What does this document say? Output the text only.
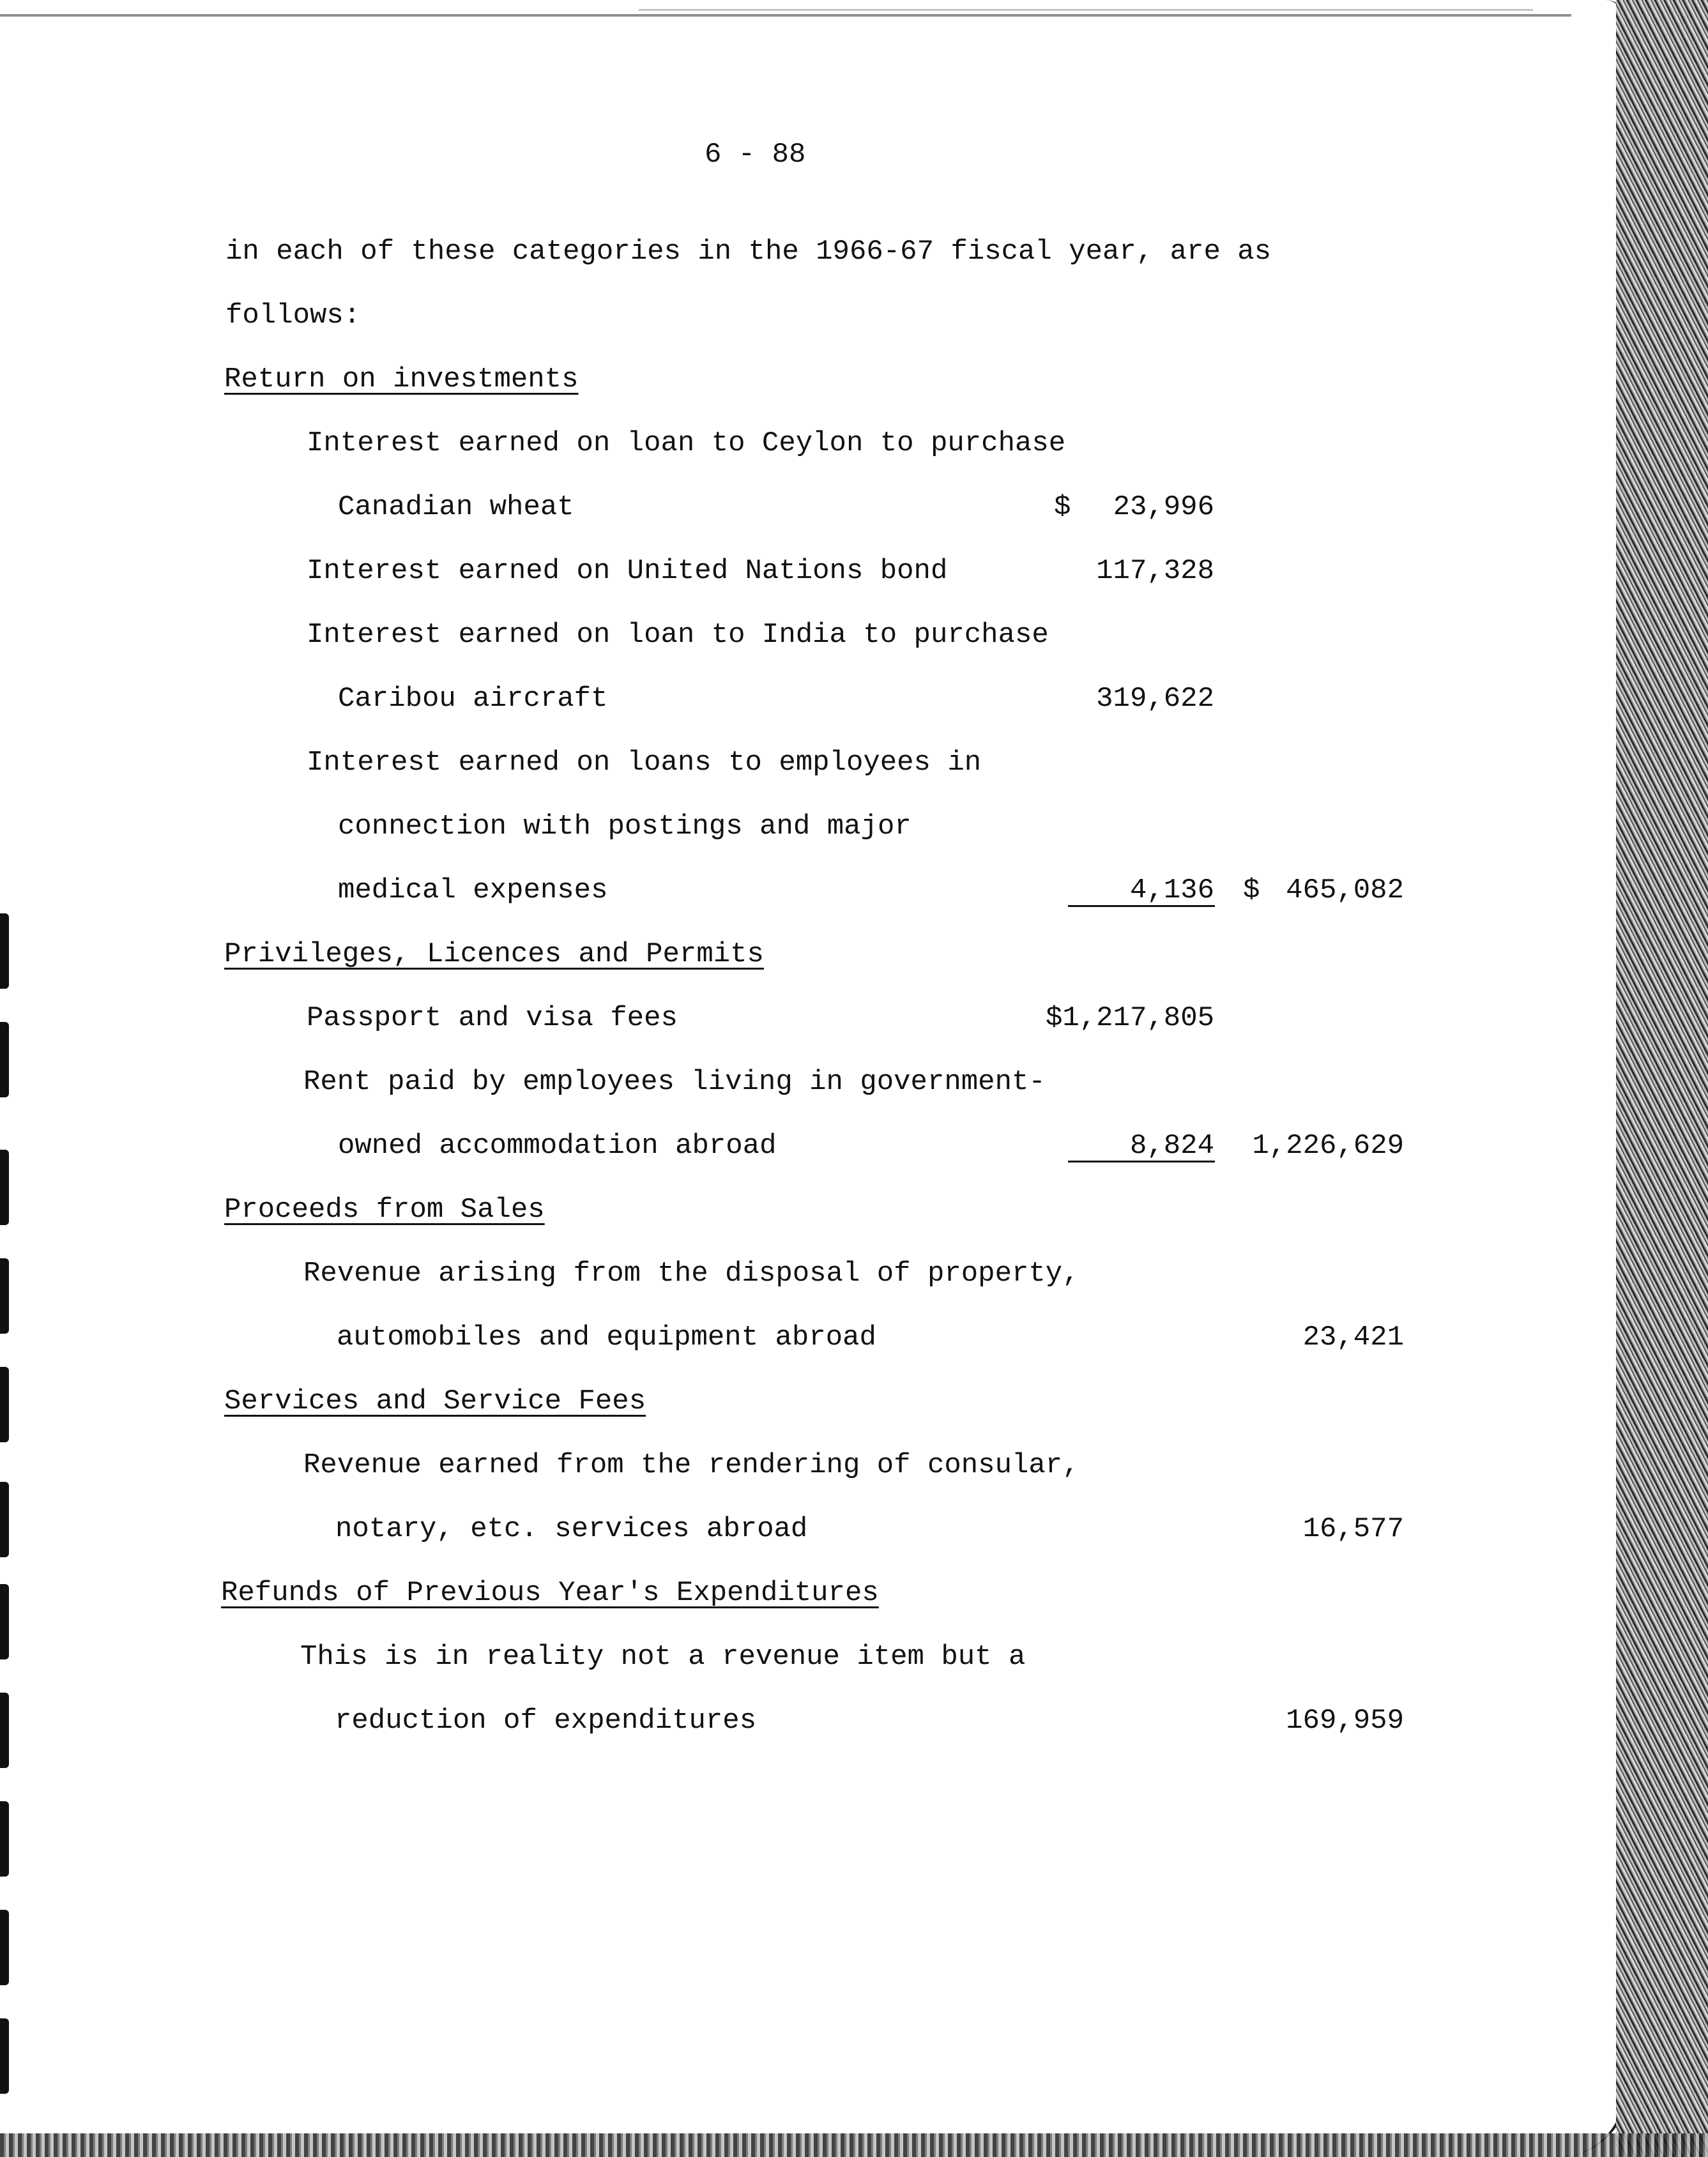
6 - 88
in each of these categories in the 1966-67 fiscal year, are as
follows:
Return on investments
Interest earned on loan to Ceylon to purchase
Canadian wheat	$ 23,996
Interest earned on United Nations bond	117,328
Interest earned on loan to India to purchase
Caribou aircraft	319,622
Interest earned on loans to employees in
connection with postings and major
medical expenses	4,136 $ 465,082
Privileges, Licences and Permits
Passport and visa fees	$1,217,805
Rent paid by employees living in government-
owned accommodation abroad	8,824 1,226,629
Proceeds from Sales
Revenue arising from the disposal of property,
automobiles and equipment abroad	23,421
Services and Service Fees
Revenue earned from the rendering of consular,
notary, etc. services abroad	16,577
Refunds of Previous Year's Expenditures
This is in reality not a revenue item but a
reduction of expenditures	169,959
